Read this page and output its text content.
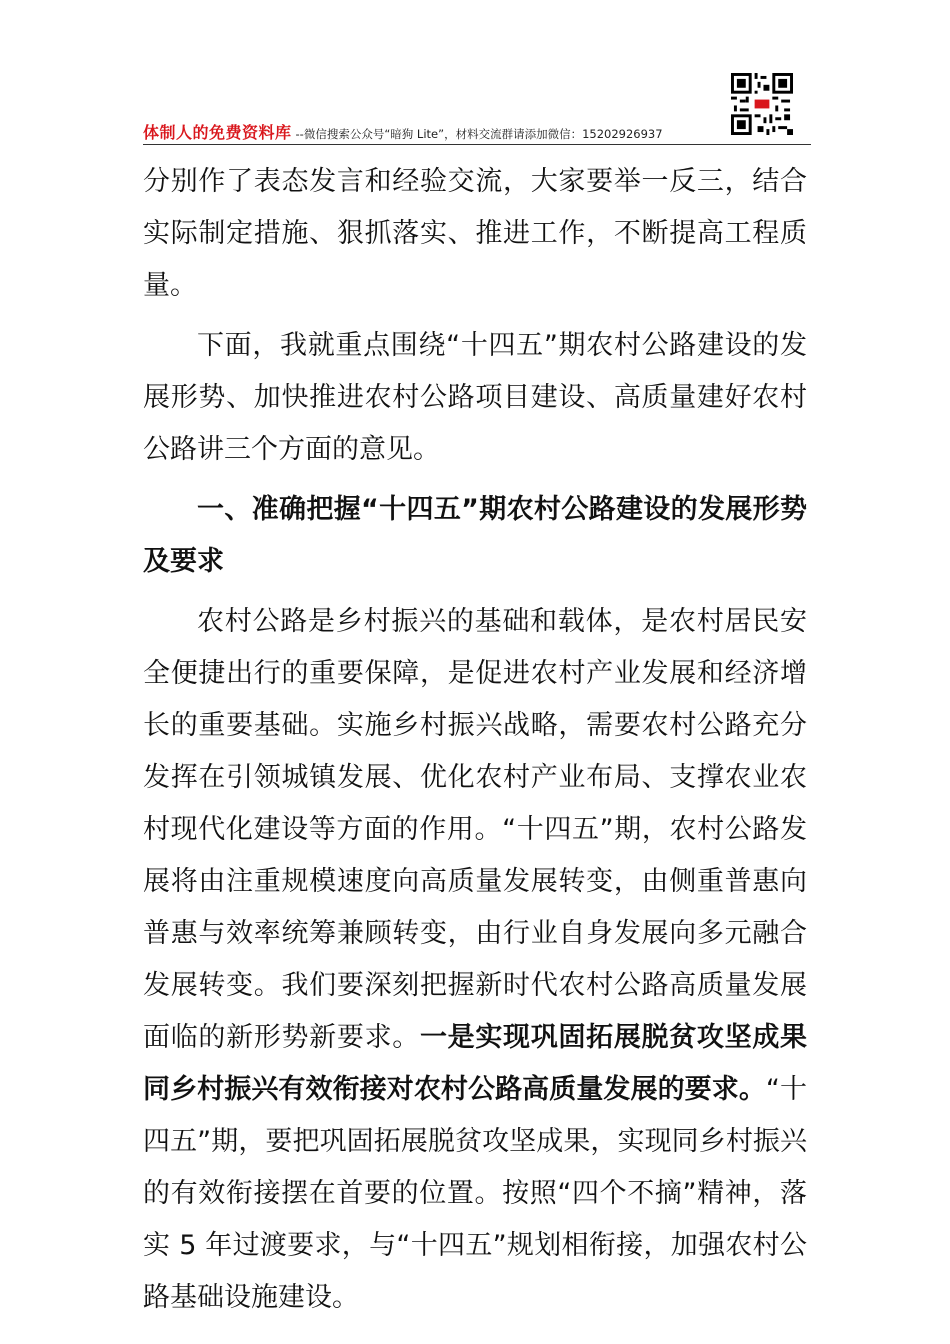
体制人的免费资料库 --微信搜索公众号“暗狗 Lite”，材料交流群请添加微信：15202926937

分别作了表态发言和经验交流，大家要举一反三，结合实际制定措施、狠抓落实、推进工作，不断提高工程质量。

下面，我就重点围绕“十四五”期农村公路建设的发展形势、加快推进农村公路项目建设、高质量建好农村公路讲三个方面的意见。

一、准确把握“十四五”期农村公路建设的发展形势及要求

农村公路是乡村振兴的基础和载体，是农村居民安全便捷出行的重要保障，是促进农村产业发展和经济增长的重要基础。实施乡村振兴战略，需要农村公路充分发挥在引领城镇发展、优化农村产业布局、支撑农业农村现代化建设等方面的作用。“十四五”期，农村公路发展将由注重规模速度向高质量发展转变，由侧重普惠向普惠与效率统筹兼顾转变，由行业自身发展向多元融合发展转变。我们要深刻把握新时代农村公路高质量发展面临的新形势新要求。一是实现巩固拓展脱贫攻坚成果同乡村振兴有效衔接对农村公路高质量发展的要求。“十四五”期，要把巩固拓展脱贫攻坚成果，实现同乡村振兴的有效衔接摆在首要的位置。按照“四个不摘”精神，落实 5 年过渡要求，与“十四五”规划相衔接，加强农村公路基础设施建设。
